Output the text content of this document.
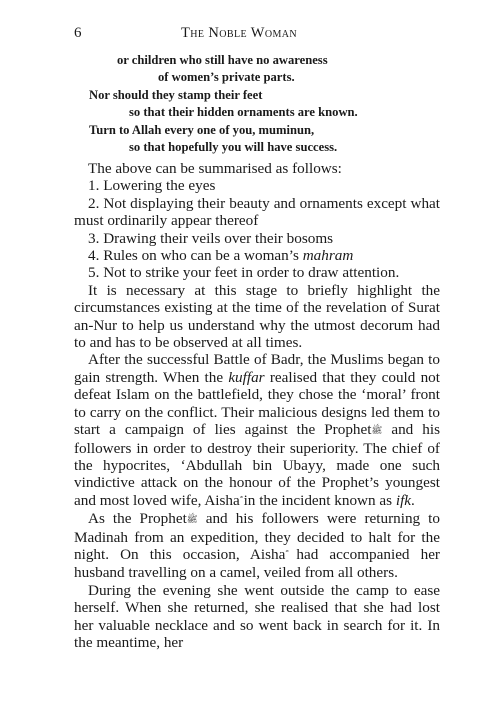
6	The Noble Woman
or children who still have no awareness
of women’s private parts.
Nor should they stamp their feet
so that their hidden ornaments are known.
Turn to Allah every one of you, muminun,
so that hopefully you will have success.

The above can be summarised as follows:

1. Lowering the eyes

2. Not displaying their beauty and ornaments except what must ordinarily appear thereof

3. Drawing their veils over their bosoms

4. Rules on who can be a woman’s mahram

5. Not to strike your feet in order to draw attention.

It is necessary at this stage to briefly highlight the circumstances existing at the time of the revelation of Surat an-Nur to help us understand why the utmost decorum had to and has to be observed at all times.

After the successful Battle of Badr, the Muslims began to gain strength. When the kuffar realised that they could not defeat Islam on the battlefield, they chose the ‘moral’ front to carry on the conflict. Their malicious designs led them to start a campaign of lies against the Prophetﷺ and his followers in order to destroy their superiority. The chief of the hypocrites, ‘Abdullah bin Ubayy, made one such vindictive attack on the honour of the Prophet’s youngest and most loved wife, Aisha in the incident known as ifk.

As the Prophetﷺ and his followers were returning to Madinah from an expedition, they decided to halt for the night. On this occasion, Aisha had accompanied her husband travelling on a camel, veiled from all others.

During the evening she went outside the camp to ease herself. When she returned, she realised that she had lost her valuable necklace and so went back in search for it. In the meantime, her
